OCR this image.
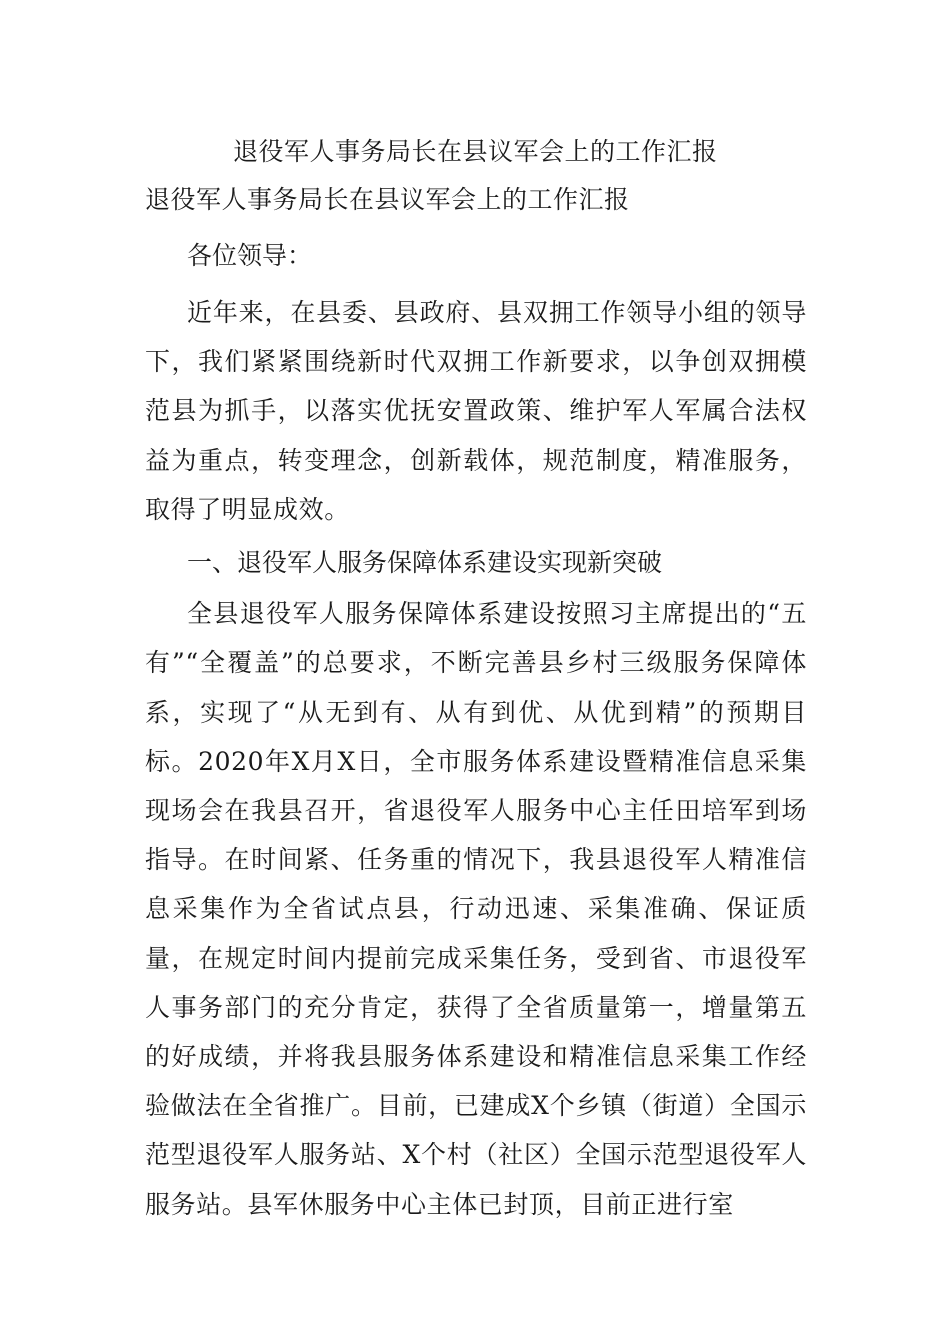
退役军人事务局长在县议军会上的工作汇报
退役军人事务局长在县议军会上的工作汇报
各位领导：

近年来，在县委、县政府、县双拥工作领导小组的领导下，我们紧紧围绕新时代双拥工作新要求，以争创双拥模范县为抓手，以落实优抚安置政策、维护军人军属合法权益为重点，转变理念，创新载体，规范制度，精准服务，取得了明显成效。

一、退役军人服务保障体系建设实现新突破

全县退役军人服务保障体系建设按照习主席提出的“五有”“全覆盖”的总要求，不断完善县乡村三级服务保障体系，实现了“从无到有、从有到优、从优到精”的预期目标。2020年X月X日，全市服务体系建设暨精准信息采集现场会在我县召开，省退役军人服务中心主任田培军到场指导。在时间紧、任务重的情况下，我县退役军人精准信息采集作为全省试点县，行动迅速、采集准确、保证质量，在规定时间内提前完成采集任务，受到省、市退役军人事务部门的充分肯定，获得了全省质量第一，增量第五的好成绩，并将我县服务体系建设和精准信息采集工作经验做法在全省推广。目前，已建成X个乡镇（街道）全国示范型退役军人服务站、X个村（社区）全国示范型退役军人服务站。县军休服务中心主体已封顶，目前正进行室
